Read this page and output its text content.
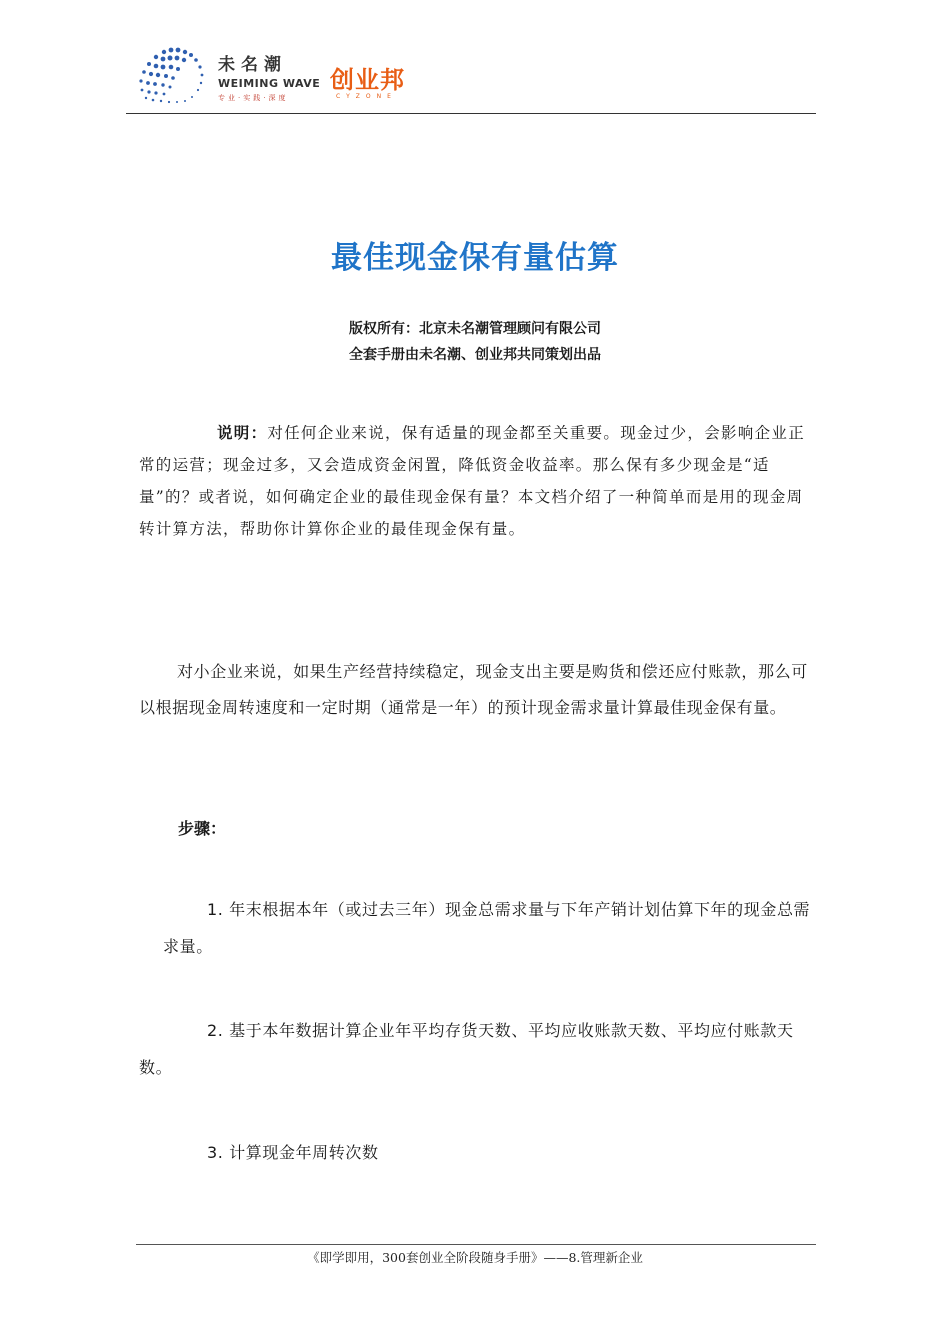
未名潮
WEIMING WAVE
专业·实践·深度
创业邦
CYZONE
最佳现金保有量估算
版权所有：北京未名潮管理顾问有限公司
全套手册由未名潮、创业邦共同策划出品
说明：对任何企业来说，保有适量的现金都至关重要。现金过少，会影响企业正常的运营；现金过多，又会造成资金闲置，降低资金收益率。那么保有多少现金是“适量”的？或者说，如何确定企业的最佳现金保有量？本文档介绍了一种简单而是用的现金周转计算方法，帮助你计算你企业的最佳现金保有量。
对小企业来说，如果生产经营持续稳定，现金支出主要是购货和偿还应付账款，那么可以根据现金周转速度和一定时期（通常是一年）的预计现金需求量计算最佳现金保有量。
步骤：
1. 年末根据本年（或过去三年）现金总需求量与下年产销计划估算下年的现金总需求量。
2. 基于本年数据计算企业年平均存货天数、平均应收账款天数、平均应付账款天数。
3. 计算现金年周转次数
《即学即用，300套创业全阶段随身手册》——8.管理新企业
